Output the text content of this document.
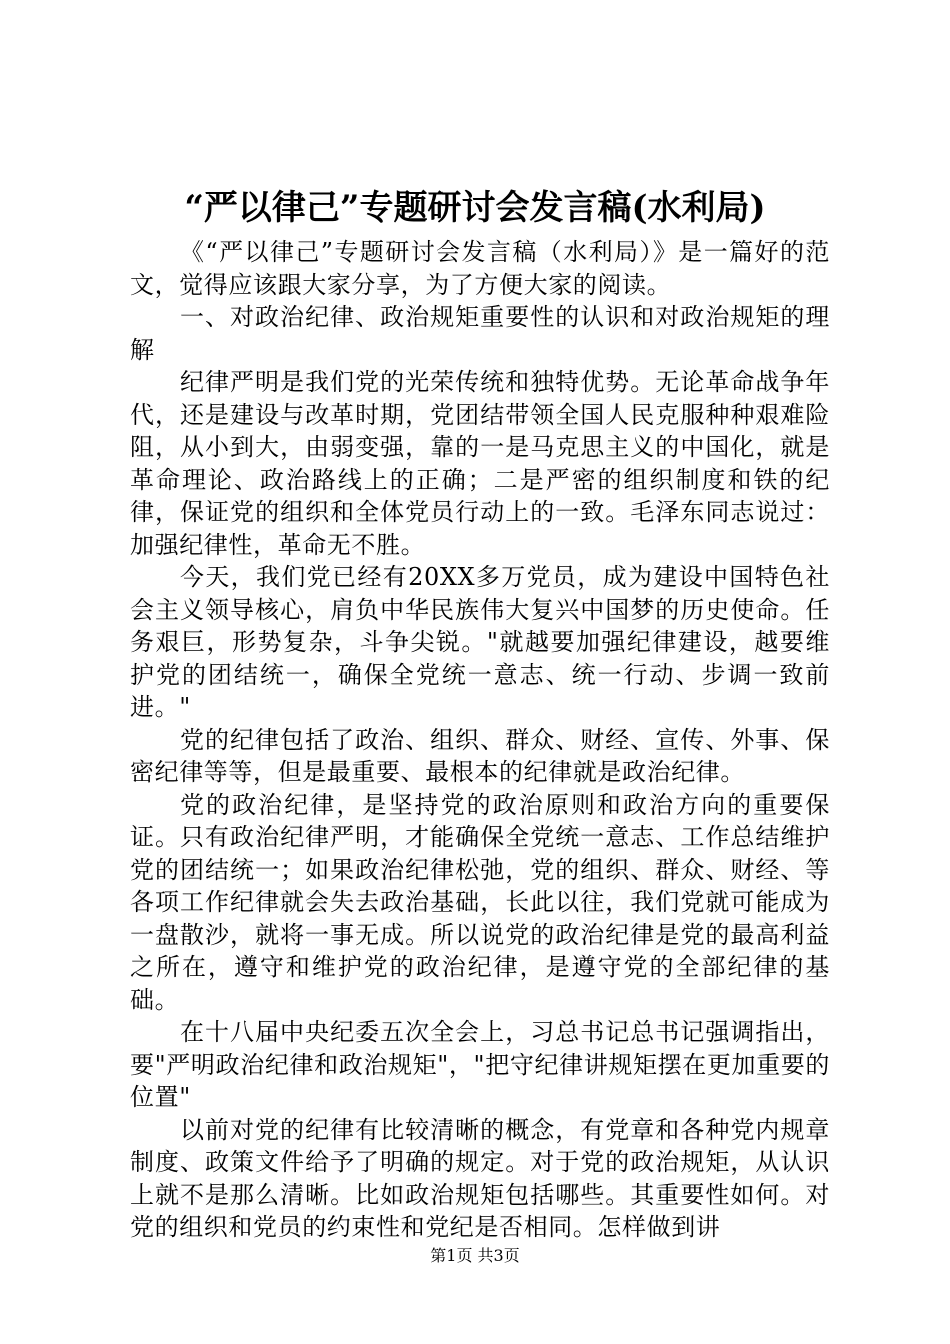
“严以律己”专题研讨会发言稿(水利局)

《“严以律己”专题研讨会发言稿（水利局）》是一篇好的范文，觉得应该跟大家分享，为了方便大家的阅读。

一、对政治纪律、政治规矩重要性的认识和对政治规矩的理解

纪律严明是我们党的光荣传统和独特优势。无论革命战争年代，还是建设与改革时期，党团结带领全国人民克服种种艰难险阻，从小到大，由弱变强，靠的一是马克思主义的中国化，就是革命理论、政治路线上的正确；二是严密的组织制度和铁的纪律，保证党的组织和全体党员行动上的一致。毛泽东同志说过：加强纪律性，革命无不胜。

今天，我们党已经有20XX多万党员，成为建设中国特色社会主义领导核心，肩负中华民族伟大复兴中国梦的历史使命。任务艰巨，形势复杂，斗争尖锐。"就越要加强纪律建设，越要维护党的团结统一，确保全党统一意志、统一行动、步调一致前进。"

党的纪律包括了政治、组织、群众、财经、宣传、外事、保密纪律等等，但是最重要、最根本的纪律就是政治纪律。

党的政治纪律，是坚持党的政治原则和政治方向的重要保证。只有政治纪律严明，才能确保全党统一意志、工作总结维护党的团结统一；如果政治纪律松弛，党的组织、群众、财经、等各项工作纪律就会失去政治基础，长此以往，我们党就可能成为一盘散沙，就将一事无成。所以说党的政治纪律是党的最高利益之所在，遵守和维护党的政治纪律，是遵守党的全部纪律的基础。

在十八届中央纪委五次全会上，习总书记总书记强调指出，要"严明政治纪律和政治规矩"，"把守纪律讲规矩摆在更加重要的位置"

以前对党的纪律有比较清晰的概念，有党章和各种党内规章制度、政策文件给予了明确的规定。对于党的政治规矩，从认识上就不是那么清晰。比如政治规矩包括哪些。其重要性如何。对党的组织和党员的约束性和党纪是否相同。怎样做到讲

第1页 共3页
